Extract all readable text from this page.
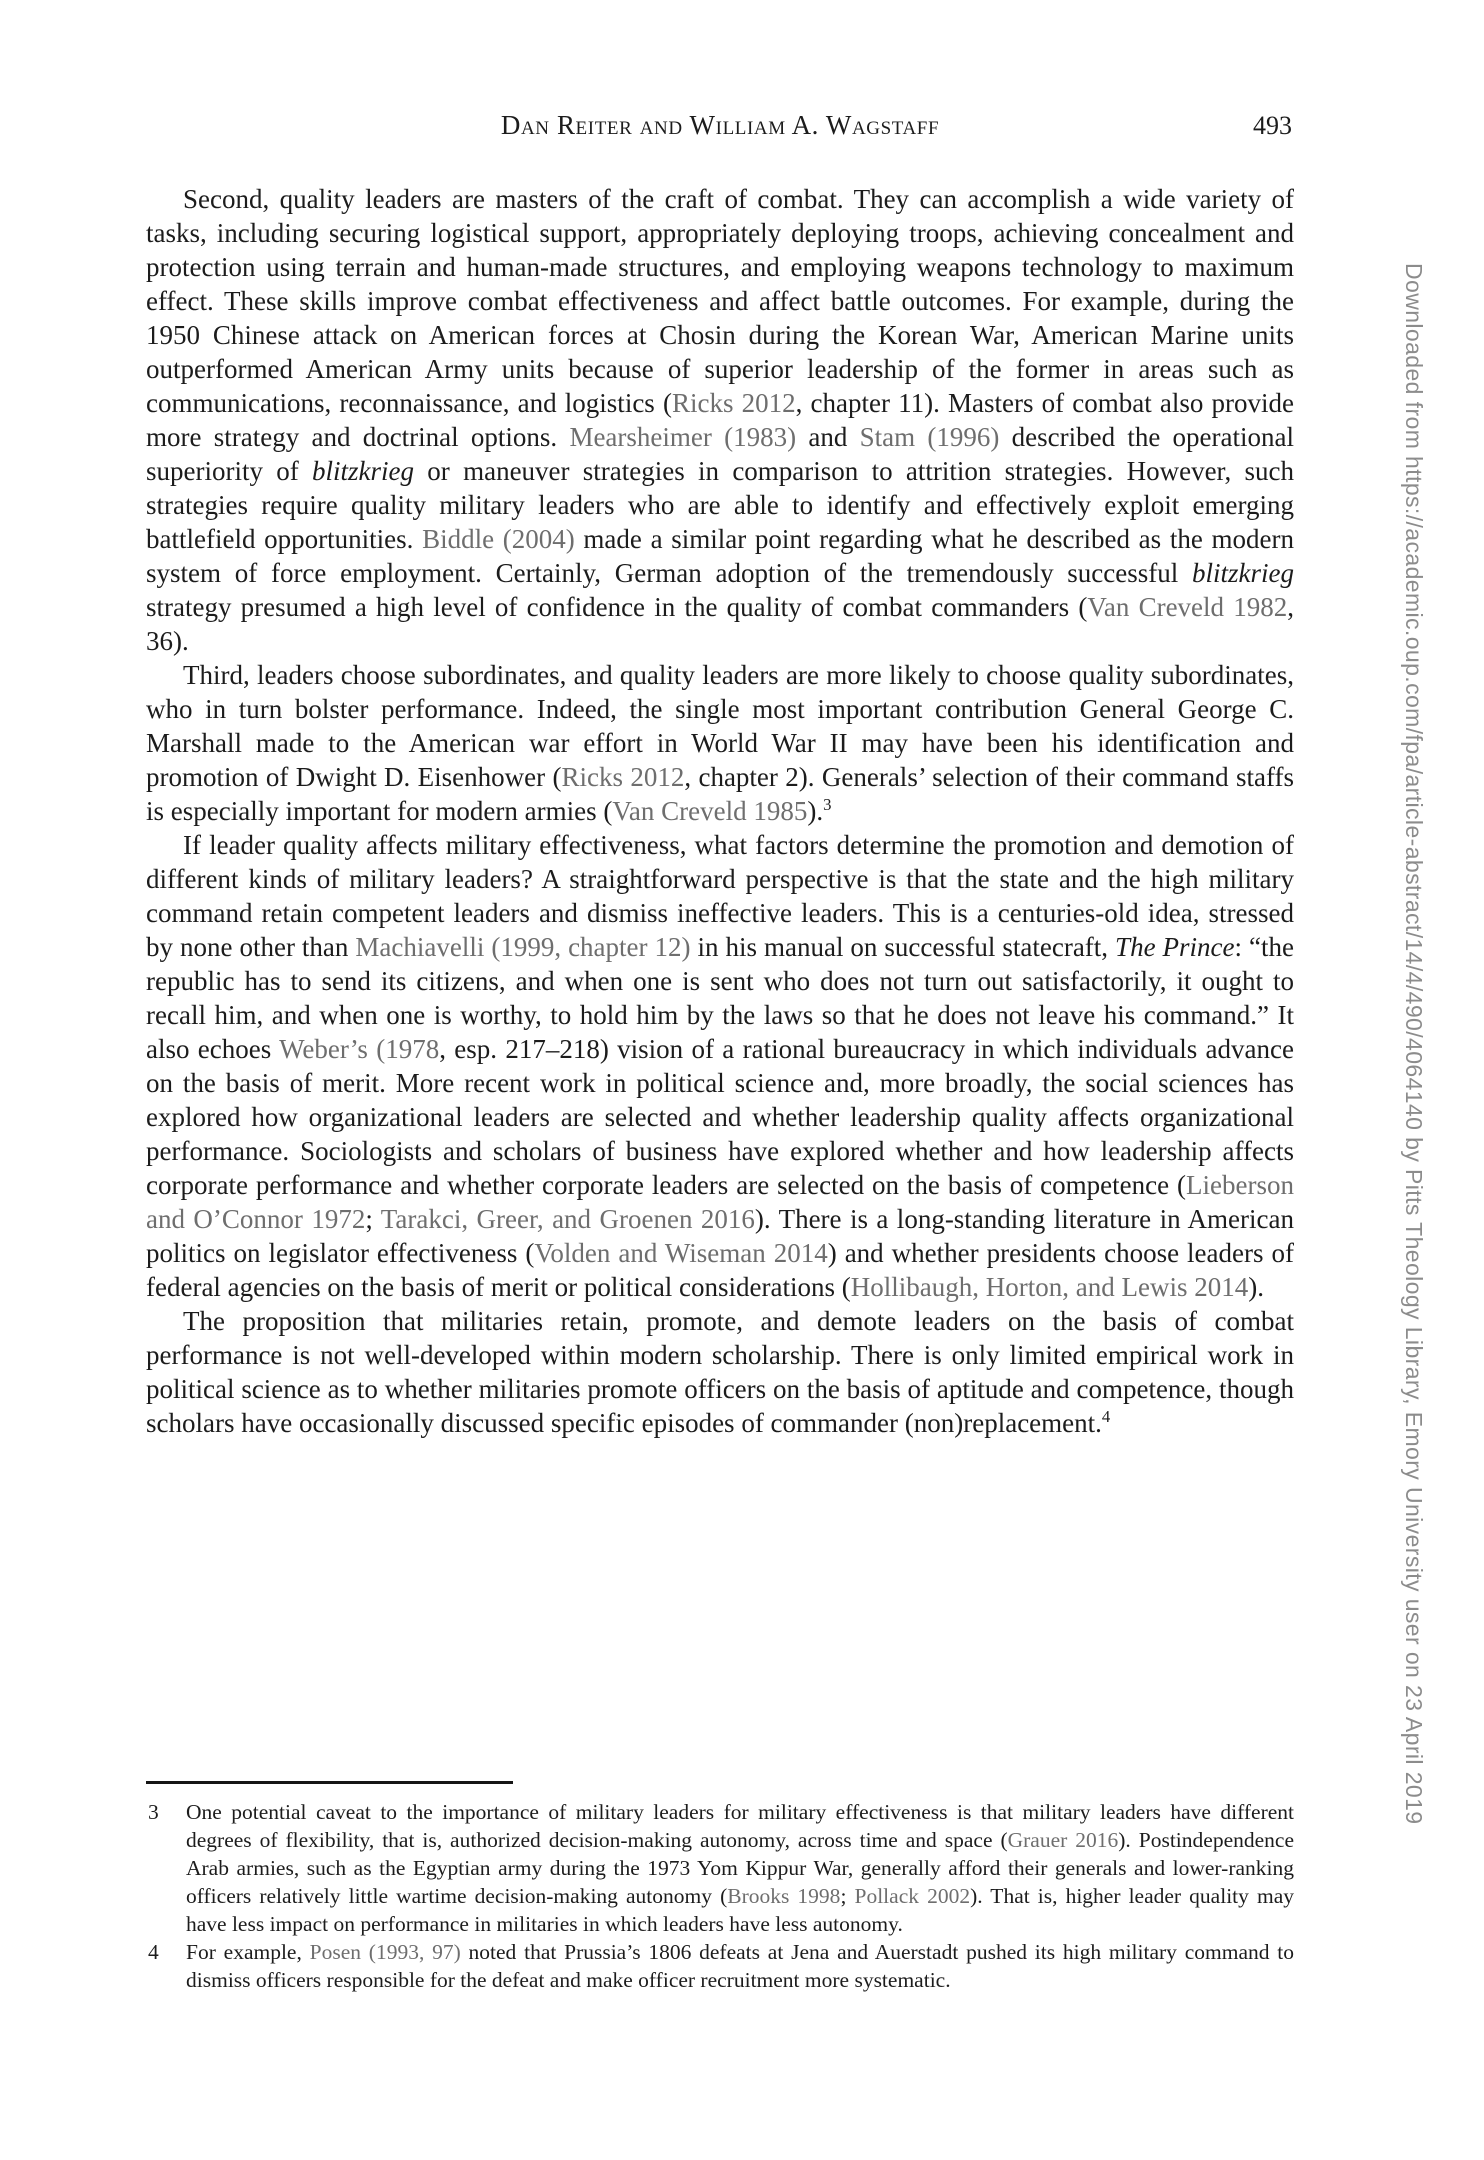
Dan Reiter and William A. Wagstaff	493

Second, quality leaders are masters of the craft of combat. They can accomplish a wide variety of tasks, including securing logistical support, appropriately deploying troops, achieving concealment and protection using terrain and human-made structures, and employing weapons technology to maximum effect. These skills improve combat effectiveness and affect battle outcomes. For example, during the 1950 Chinese attack on American forces at Chosin during the Korean War, American Marine units outperformed American Army units because of superior leadership of the former in areas such as communications, reconnaissance, and logistics (Ricks 2012, chapter 11). Masters of combat also provide more strategy and doctrinal options. Mearsheimer (1983) and Stam (1996) described the operational superiority of blitzkrieg or maneuver strategies in comparison to attrition strategies. However, such strategies require quality military leaders who are able to identify and effectively exploit emerging battlefield opportunities. Biddle (2004) made a similar point regarding what he described as the modern system of force employment. Certainly, German adoption of the tremendously successful blitzkrieg strategy presumed a high level of confidence in the quality of combat commanders (Van Creveld 1982, 36).

Third, leaders choose subordinates, and quality leaders are more likely to choose quality subordinates, who in turn bolster performance. Indeed, the single most important contribution General George C. Marshall made to the American war effort in World War II may have been his identification and promotion of Dwight D. Eisenhower (Ricks 2012, chapter 2). Generals’ selection of their command staffs is especially important for modern armies (Van Creveld 1985).$^3$

If leader quality affects military effectiveness, what factors determine the promotion and demotion of different kinds of military leaders? A straightforward perspective is that the state and the high military command retain competent leaders and dismiss ineffective leaders. This is a centuries-old idea, stressed by none other than Machiavelli (1999, chapter 12) in his manual on successful statecraft, The Prince: “the republic has to send its citizens, and when one is sent who does not turn out satisfactorily, it ought to recall him, and when one is worthy, to hold him by the laws so that he does not leave his command.” It also echoes Weber’s (1978, esp. 217–218) vision of a rational bureaucracy in which individuals advance on the basis of merit. More recent work in political science and, more broadly, the social sciences has explored how organizational leaders are selected and whether leadership quality affects organizational performance. Sociologists and scholars of business have explored whether and how leadership affects corporate performance and whether corporate leaders are selected on the basis of competence (Lieberson and O’Connor 1972; Tarakci, Greer, and Groenen 2016). There is a long-standing literature in American politics on legislator effectiveness (Volden and Wiseman 2014) and whether presidents choose leaders of federal agencies on the basis of merit or political considerations (Hollibaugh, Horton, and Lewis 2014).

The proposition that militaries retain, promote, and demote leaders on the basis of combat performance is not well-developed within modern scholarship. There is only limited empirical work in political science as to whether militaries promote officers on the basis of aptitude and competence, though scholars have occasionally discussed specific episodes of commander (non)replacement.$^4$

3 One potential caveat to the importance of military leaders for military effectiveness is that military leaders have different degrees of flexibility, that is, authorized decision-making autonomy, across time and space (Grauer 2016). Postindependence Arab armies, such as the Egyptian army during the 1973 Yom Kippur War, generally afford their generals and lower-ranking officers relatively little wartime decision-making autonomy (Brooks 1998; Pollack 2002). That is, higher leader quality may have less impact on performance in militaries in which leaders have less autonomy.
4 For example, Posen (1993, 97) noted that Prussia’s 1806 defeats at Jena and Auerstadt pushed its high military command to dismiss officers responsible for the defeat and make officer recruitment more systematic.
Downloaded from https://academic.oup.com/fpa/article-abstract/14/4/490/4064140 by Pitts Theology Library, Emory University user on 23 April 2019
